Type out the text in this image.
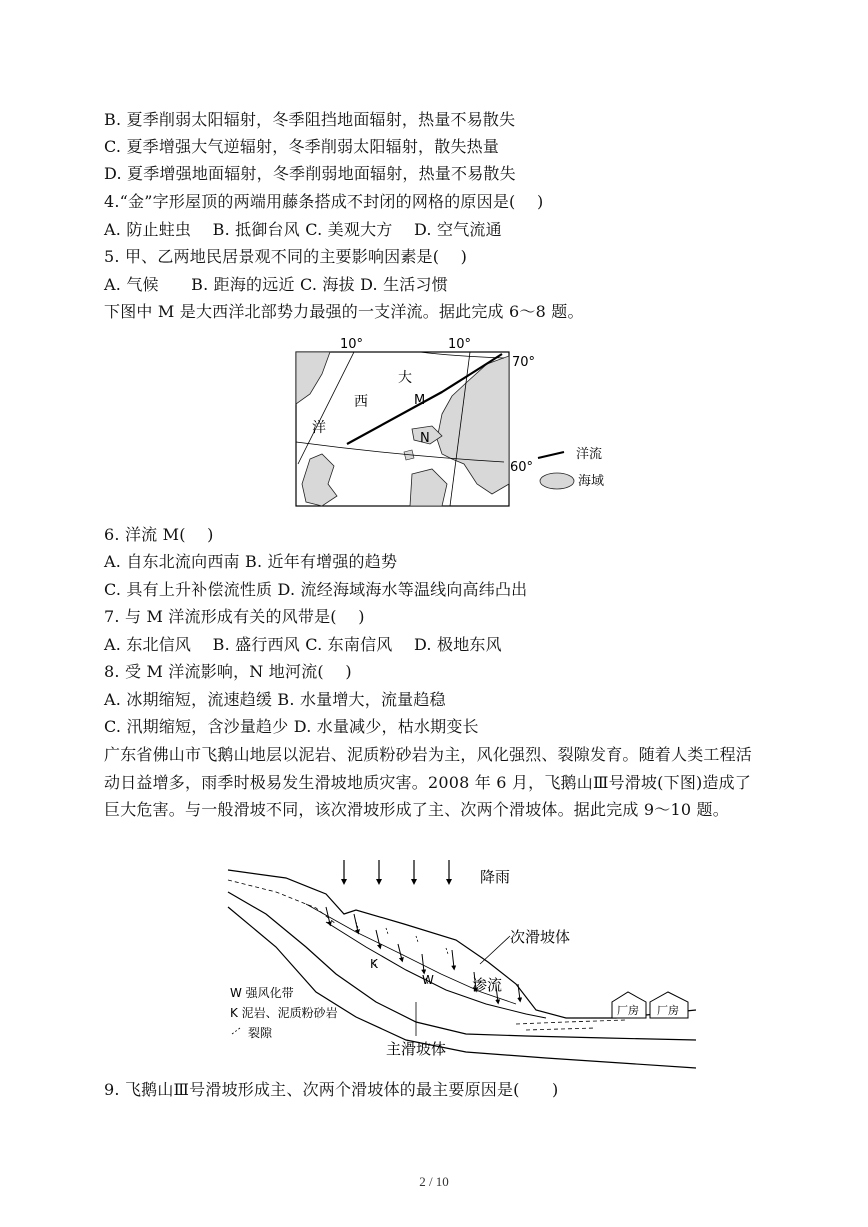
B. 夏季削弱太阳辐射，冬季阻挡地面辐射，热量不易散失
C. 夏季增强大气逆辐射，冬季削弱太阳辐射，散失热量
D. 夏季增强地面辐射，冬季削弱地面辐射，热量不易散失
4.“金”字形屋顶的两端用藤条搭成不封闭的网格的原因是(　 )
A. 防止蛀虫　 B. 抵御台风 C. 美观大方　 D. 空气流通
5. 甲、乙两地民居景观不同的主要影响因素是(　 )
A. 气候　　B. 距海的远近 C. 海拔 D. 生活习惯
下图中 M 是大西洋北部势力最强的一支洋流。据此完成 6～8 题。
10°	10°
70°
60°
大
西
洋
M
N
洋流
海域
6. 洋流 M(　 )
A. 自东北流向西南 B. 近年有增强的趋势
C. 具有上升补偿流性质 D. 流经海域海水等温线向高纬凸出
7. 与 M 洋流形成有关的风带是(　 )
A. 东北信风　 B. 盛行西风 C. 东南信风　 D. 极地东风
8. 受 M 洋流影响，N 地河流(　 )
A. 冰期缩短，流速趋缓 B. 水量增大，流量趋稳
C. 汛期缩短，含沙量趋少 D. 水量减少，枯水期变长
广东省佛山市飞鹅山地层以泥岩、泥质粉砂岩为主，风化强烈、裂隙发育。随着人类工程活动日益增多，雨季时极易发生滑坡地质灾害。2008 年 6 月，飞鹅山Ⅲ号滑坡(下图)造成了巨大危害。与一般滑坡不同，该次滑坡形成了主、次两个滑坡体。据此完成 9～10 题。
降雨
次滑坡体
渗流
主滑坡体
K
W
厂房 厂房
W 强风化带
K 泥岩、泥质粉砂岩
裂隙
9. 飞鹅山Ⅲ号滑坡形成主、次两个滑坡体的最主要原因是(　　)
2 / 10
